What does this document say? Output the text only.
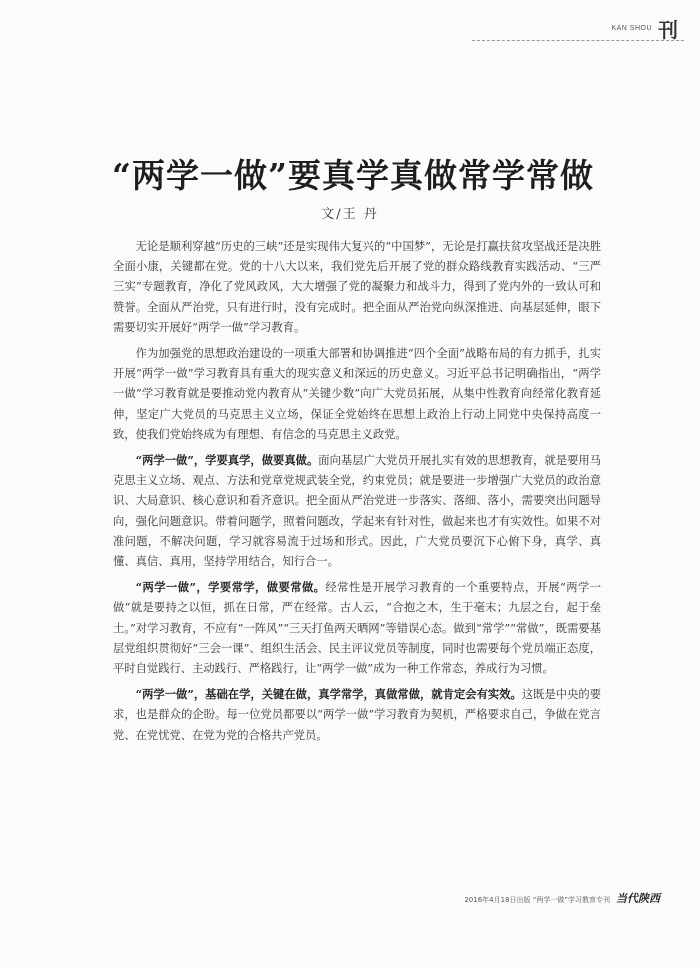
KAN SHOU 刊
“两学一做”要真学真做常学常做
文/王 丹

无论是顺利穿越“历史的三峡”还是实现伟大复兴的“中国梦”，无论是打赢扶贫攻坚战还是决胜全面小康，关键都在党。党的十八大以来，我们党先后开展了党的群众路线教育实践活动、“三严三实”专题教育，净化了党风政风，大大增强了党的凝聚力和战斗力，得到了党内外的一致认可和赞誉。全面从严治党，只有进行时，没有完成时。把全面从严治党向纵深推进、向基层延伸，眼下需要切实开展好“两学一做”学习教育。

作为加强党的思想政治建设的一项重大部署和协调推进“四个全面”战略布局的有力抓手，扎实开展“两学一做”学习教育具有重大的现实意义和深远的历史意义。习近平总书记明确指出，“两学一做”学习教育就是要推动党内教育从“关键少数”向广大党员拓展，从集中性教育向经常化教育延伸，坚定广大党员的马克思主义立场，保证全党始终在思想上政治上行动上同党中央保持高度一致，使我们党始终成为有理想、有信念的马克思主义政党。

“两学一做”，学要真学，做要真做。面向基层广大党员开展扎实有效的思想教育，就是要用马克思主义立场、观点、方法和党章党规武装全党，约束党员；就是要进一步增强广大党员的政治意识、大局意识、核心意识和看齐意识。把全面从严治党进一步落实、落细、落小，需要突出问题导向，强化问题意识。带着问题学，照着问题改，学起来有针对性，做起来也才有实效性。如果不对准问题，不解决问题，学习就容易流于过场和形式。因此，广大党员要沉下心俯下身，真学、真懂、真信、真用，坚持学用结合，知行合一。

“两学一做”，学要常学，做要常做。经常性是开展学习教育的一个重要特点，开展“两学一做”就是要持之以恒，抓在日常，严在经常。古人云，“合抱之木，生于毫末；九层之台，起于垒土。”对学习教育，不应有“一阵风”“三天打鱼两天晒网”等错误心态。做到“常学”“常做”，既需要基层党组织贯彻好“三会一课”、组织生活会、民主评议党员等制度，同时也需要每个党员端正态度，平时自觉践行、主动践行、严格践行，让“两学一做”成为一种工作常态，养成行为习惯。

“两学一做”，基础在学，关键在做，真学常学，真做常做，就肯定会有实效。这既是中央的要求，也是群众的企盼。每一位党员都要以“两学一做”学习教育为契机，严格要求自己，争做在党言党、在党忧党、在党为党的合格共产党员。

2016年4月18日出版 “两学一做”学习教育专刊 当代陕西
